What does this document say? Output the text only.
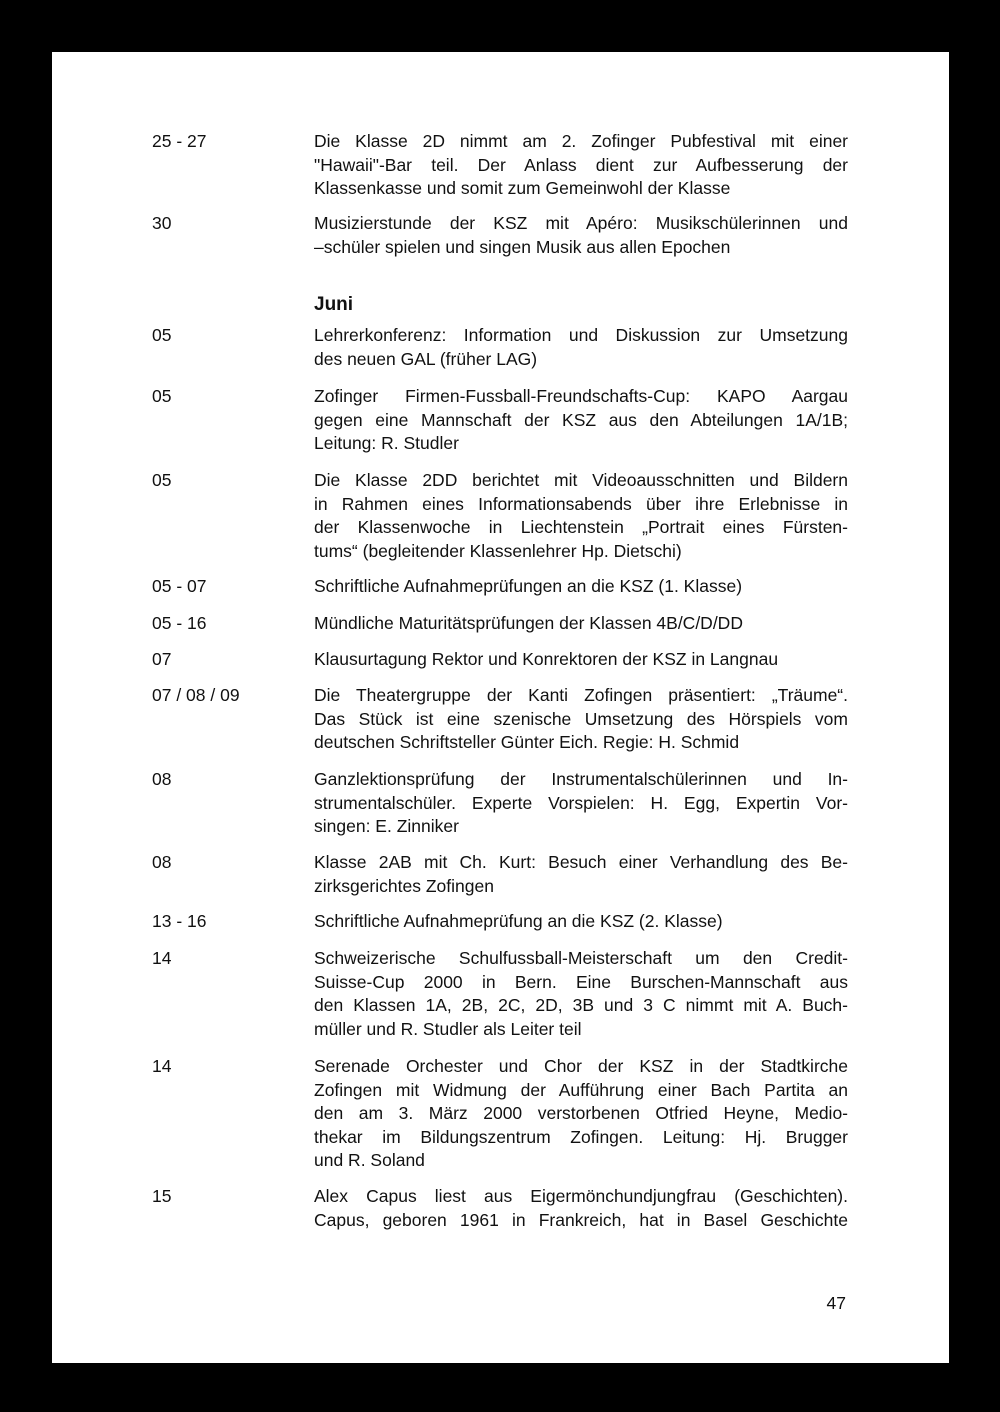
25 - 27	Die Klasse 2D nimmt am 2. Zofinger Pubfestival mit einer
"Hawaii"-Bar teil. Der Anlass dient zur Aufbesserung der
Klassenkasse und somit zum Gemeinwohl der Klasse
30	Musizierstunde der KSZ mit Apéro: Musikschülerinnen und
–schüler spielen und singen Musik aus allen Epochen
Juni
05	Lehrerkonferenz: Information und Diskussion zur Umsetzung
des neuen GAL (früher LAG)
05	Zofinger Firmen-Fussball-Freundschafts-Cup: KAPO Aargau
gegen eine Mannschaft der KSZ aus den Abteilungen 1A/1B;
Leitung: R. Studler
05	Die Klasse 2DD berichtet mit Videoausschnitten und Bildern
in Rahmen eines Informationsabends über ihre Erlebnisse in
der Klassenwoche in Liechtenstein „Portrait eines Fürsten-
tums“ (begleitender Klassenlehrer Hp. Dietschi)
05 - 07	Schriftliche Aufnahmeprüfungen an die KSZ (1. Klasse)
05 - 16	Mündliche Maturitätsprüfungen der Klassen 4B/C/D/DD
07	Klausurtagung Rektor und Konrektoren der KSZ in Langnau
07 / 08 / 09	Die Theatergruppe der Kanti Zofingen präsentiert: „Träume“.
Das Stück ist eine szenische Umsetzung des Hörspiels vom
deutschen Schriftsteller Günter Eich. Regie: H. Schmid
08	Ganzlektionsprüfung der Instrumentalschülerinnen und In-
strumentalschüler. Experte Vorspielen: H. Egg, Expertin Vor-
singen: E. Zinniker
08	Klasse 2AB mit Ch. Kurt: Besuch einer Verhandlung des Be-
zirksgerichtes Zofingen
13 - 16	Schriftliche Aufnahmeprüfung an die KSZ (2. Klasse)
14	Schweizerische Schulfussball-Meisterschaft um den Credit-
Suisse-Cup 2000 in Bern. Eine Burschen-Mannschaft aus
den Klassen 1A, 2B, 2C, 2D, 3B und 3 C nimmt mit A. Buch-
müller und R. Studler als Leiter teil
14	Serenade Orchester und Chor der KSZ in der Stadtkirche
Zofingen mit Widmung der Aufführung einer Bach Partita an
den am 3. März 2000 verstorbenen Otfried Heyne, Medio-
thekar im Bildungszentrum Zofingen. Leitung: Hj. Brugger
und R. Soland
15	Alex Capus liest aus Eigermönchundjungfrau (Geschichten).
Capus, geboren 1961 in Frankreich, hat in Basel Geschichte
47
